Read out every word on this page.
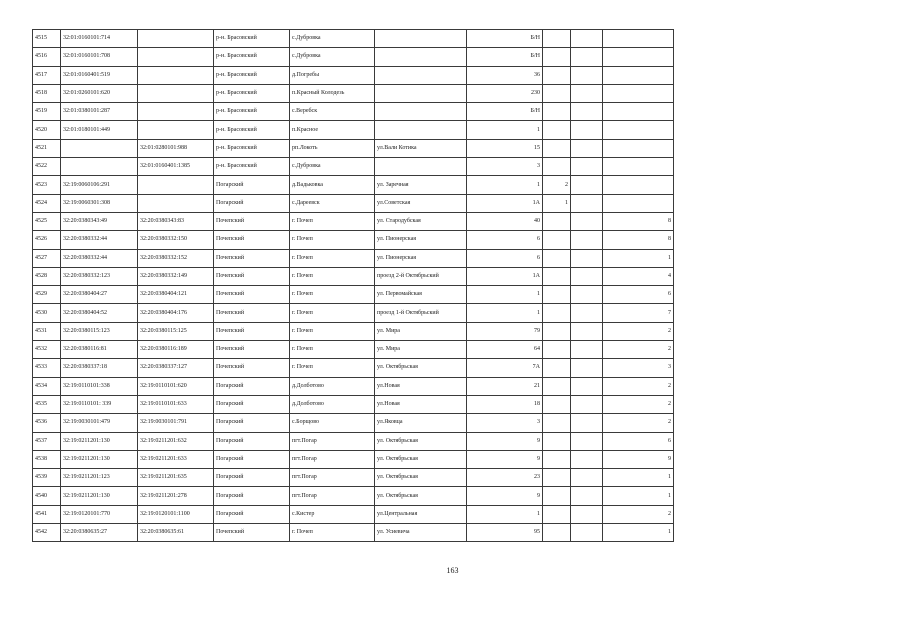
4515	32:01:0160101:714		р-н. Брасовский	с.Дубровка		Б/Н			
4516	32:01:0160101:708		р-н. Брасовский	с.Дубровка		Б/Н			
4517	32:01:0160401:519		р-н. Брасовский	д.Погребы		36			
4518	32:01:0260101:620		р-н. Брасовский	п.Красный Колодезь		230			
4519	32:01:0380101:287		р-н. Брасовский	с.Веребск		Б/Н			
4520	32:01:0180101:449		р-н. Брасовский	п.Красное		1			
4521		32:01:0280101:988	р-н. Брасовский	рп.Локоть	ул.Вали Котика	15			
4522		32:01:0160401:1385	р-н. Брасовский	с.Дубровка		3			
4523	32:19:0060106:291		Погарский	д.Вадьковка	ул. Заречная	1	2		
4524	32:19:0060301:308		Погарский	с.Дареевск	ул.Советская	1А	1		
4525	32:20:0380343:49	32:20:0380343:83	Почепский	г. Почеп	ул. Стародубская	40			8
4526	32:20:0380332:44	32:20:0380332:150	Почепский	г. Почеп	ул. Пионерская	6			8
4527	32:20:0380332:44	32:20:0380332:152	Почепский	г. Почеп	ул. Пионерская	6			1
4528	32:20:0380332:123	32:20:0380332:149	Почепский	г. Почеп	проезд 2-й Октябрьский	1А			4
4529	32:20:0380404:27	32:20:0380404:121	Почепский	г. Почеп	ул. Первомайская	1			6
4530	32:20:0380404:52	32:20:0380404:176	Почепский	г. Почеп	проезд 1-й Октябрьский	1			7
4531	32:20:0380115:123	32:20:0380115:125	Почепский	г. Почеп	ул. Мира	79			2
4532	32:20:0380116:81	32:20:0380116:189	Почепский	г. Почеп	ул. Мира	64			2
4533	32:20:0380337:18	32:20:0380337:127	Почепский	г. Почеп	ул. Октябрьская	7А			3
4534	32:19:0110101:338	32:19:0110101:620	Погарский	д.Долботово	ул.Новая	21			2
4535	32:19:0110101: 339	32:19:0110101:633	Погарский	д.Долботово	ул.Новая	18			2
4536	32:19:0030101:479	32:19:0030101:791	Погарский	с.Борщово	ул.Яковца	3			2
4537	32:19:0211201:130	32:19:0211201:632	Погарский	пгт.Погар	ул. Октябрьская	9			6
4538	32:19:0211201:130	32:19:0211201:633	Погарский	пгт.Погар	ул. Октябрьская	9			9
4539	32:19:0211201:123	32:19:0211201:635	Погарский	пгт.Погар	ул. Октябрьская	23			1
4540	32:19:0211201:130	32:19:0211201:278	Погарский	пгт.Погар	ул. Октябрьская	9			1
4541	32:19:0120101:770	32:19:0120101:1100	Погарский	с.Кистер	ул.Центральная	1			2
4542	32:20:0380635:27	32:20:0380635:61	Почепский	г. Почеп	ул. Усиевича	95			1
163
